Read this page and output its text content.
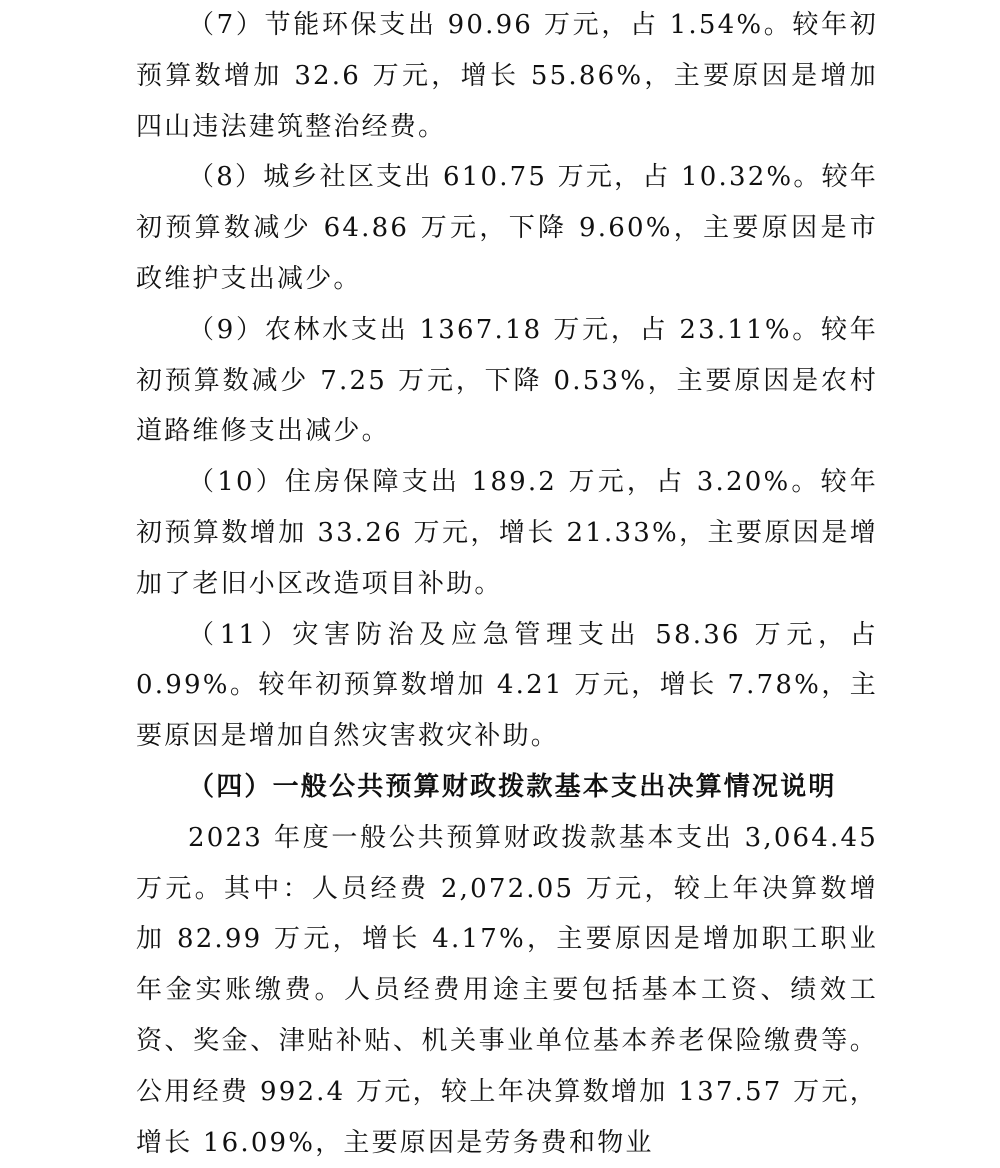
（7）节能环保支出 90.96 万元，占 1.54%。较年初预算数增加 32.6 万元，增长 55.86%，主要原因是增加四山违法建筑整治经费。

（8）城乡社区支出 610.75 万元，占 10.32%。较年初预算数减少 64.86 万元，下降 9.60%，主要原因是市政维护支出减少。

（9）农林水支出 1367.18 万元，占 23.11%。较年初预算数减少 7.25 万元，下降 0.53%，主要原因是农村道路维修支出减少。

（10）住房保障支出 189.2 万元，占 3.20%。较年初预算数增加 33.26 万元，增长 21.33%，主要原因是增加了老旧小区改造项目补助。

（11）灾害防治及应急管理支出 58.36 万元，占 0.99%。较年初预算数增加 4.21 万元，增长 7.78%，主要原因是增加自然灾害救灾补助。

（四）一般公共预算财政拨款基本支出决算情况说明

2023 年度一般公共预算财政拨款基本支出 3,064.45 万元。其中：人员经费 2,072.05 万元，较上年决算数增加 82.99 万元，增长 4.17%，主要原因是增加职工职业年金实账缴费。人员经费用途主要包括基本工资、绩效工资、奖金、津贴补贴、机关事业单位基本养老保险缴费等。公用经费 992.4 万元，较上年决算数增加 137.57 万元，增长 16.09%，主要原因是劳务费和物业
